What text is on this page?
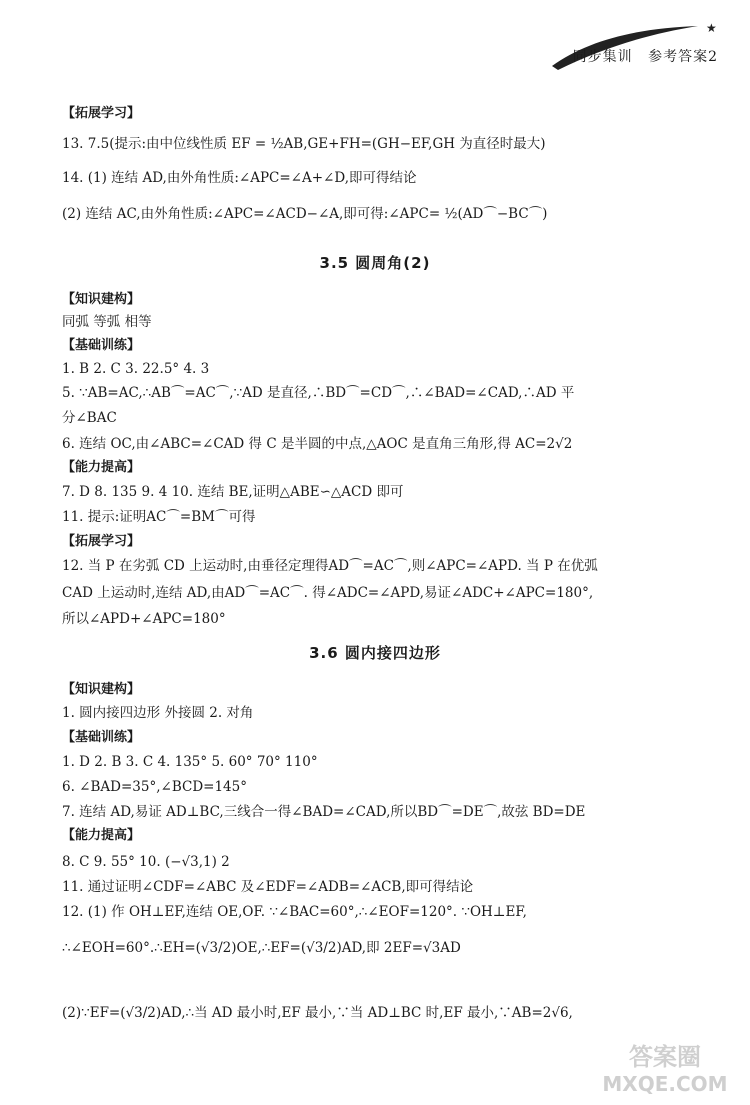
★
同步集训 参考答案2
【拓展学习】
13. 7.5(提示:由中位线性质 EF = ½AB,GE+FH=(GH−EF,GH 为直径时最大)
14. (1) 连结 AD,由外角性质:∠APC=∠A+∠D,即可得结论
(2) 连结 AC,由外角性质:∠APC=∠ACD−∠A,即可得:∠APC= ½(AD⌒−BC⌒)
【知识建构】
同弧 等弧 相等
【基础训练】
1. B 2. C 3. 22.5° 4. 3
5. ∵AB=AC,∴AB⌒=AC⌒,∵AD 是直径,∴BD⌒=CD⌒,∴∠BAD=∠CAD,∴AD 平
分∠BAC
6. 连结 OC,由∠ABC=∠CAD 得 C 是半圆的中点,△AOC 是直角三角形,得 AC=2√2
【能力提高】
7. D 8. 135 9. 4 10. 连结 BE,证明△ABE∽△ACD 即可
11. 提示:证明AC⌒=BM⌒可得
【拓展学习】
12. 当 P 在劣弧 CD 上运动时,由垂径定理得AD⌒=AC⌒,则∠APC=∠APD. 当 P 在优弧
CAD 上运动时,连结 AD,由AD⌒=AC⌒. 得∠ADC=∠APD,易证∠ADC+∠APC=180°,
所以∠APD+∠APC=180°
【知识建构】
1. 圆内接四边形 外接圆 2. 对角
【基础训练】
1. D 2. B 3. C 4. 135° 5. 60° 70° 110°
6. ∠BAD=35°,∠BCD=145°
7. 连结 AD,易证 AD⊥BC,三线合一得∠BAD=∠CAD,所以BD⌒=DE⌒,故弦 BD=DE
【能力提高】
8. C 9. 55° 10. (−√3,1) 2
11. 通过证明∠CDF=∠ABC 及∠EDF=∠ADB=∠ACB,即可得结论
12. (1) 作 OH⊥EF,连结 OE,OF. ∵∠BAC=60°,∴∠EOF=120°. ∵OH⊥EF,
∴∠EOH=60°.∴EH=(√3/2)OE,∴EF=(√3/2)AD,即 2EF=√3AD
(2)∵EF=(√3/2)AD,∴当 AD 最小时,EF 最小,∵当 AD⊥BC 时,EF 最小,∵AB=2√6,
3.5 圆周角(2)
3.6 圆内接四边形
答案圈
MXQE.COM
